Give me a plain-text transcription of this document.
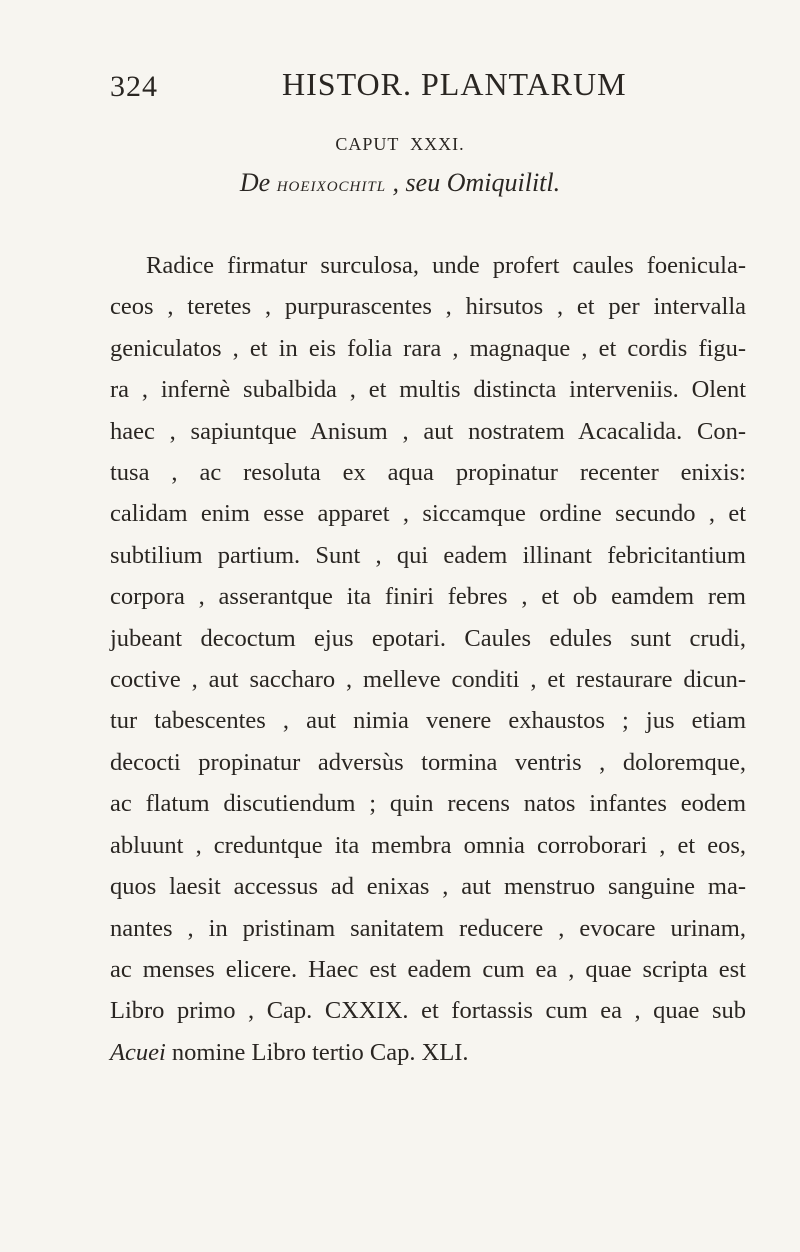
324	HISTOR. PLANTARUM
CAPUT  XXXI.
De hoeixochitl , seu Omiquilitl.
Radice firmatur surculosa, unde profert caules foenicula-
ceos , teretes , purpurascentes , hirsutos , et per intervalla
geniculatos , et in eis folia rara , magnaque , et cordis figu-
ra , infernè subalbida , et multis distincta interveniis. Olent
haec , sapiuntque Anisum , aut nostratem Acacalida. Con-
tusa , ac resoluta ex aqua propinatur recenter enixis:
calidam enim esse apparet , siccamque ordine secundo , et
subtilium partium. Sunt , qui eadem illinant febricitantium
corpora , asserantque ita finiri febres , et ob eamdem rem
jubeant decoctum ejus epotari. Caules edules sunt crudi,
coctive , aut saccharo , melleve conditi , et restaurare dicun-
tur tabescentes , aut nimia venere exhaustos ; jus etiam
decocti propinatur adversùs tormina ventris , doloremque,
ac flatum discutiendum ; quin recens natos infantes eodem
abluunt , creduntque ita membra omnia corroborari , et eos,
quos laesit accessus ad enixas , aut menstruo sanguine ma-
nantes , in pristinam sanitatem reducere , evocare urinam,
ac menses elicere. Haec est eadem cum ea , quae scripta est
Libro primo , Cap. CXXIX. et fortassis cum ea , quae sub
Acuei nomine Libro tertio Cap. XLI.
